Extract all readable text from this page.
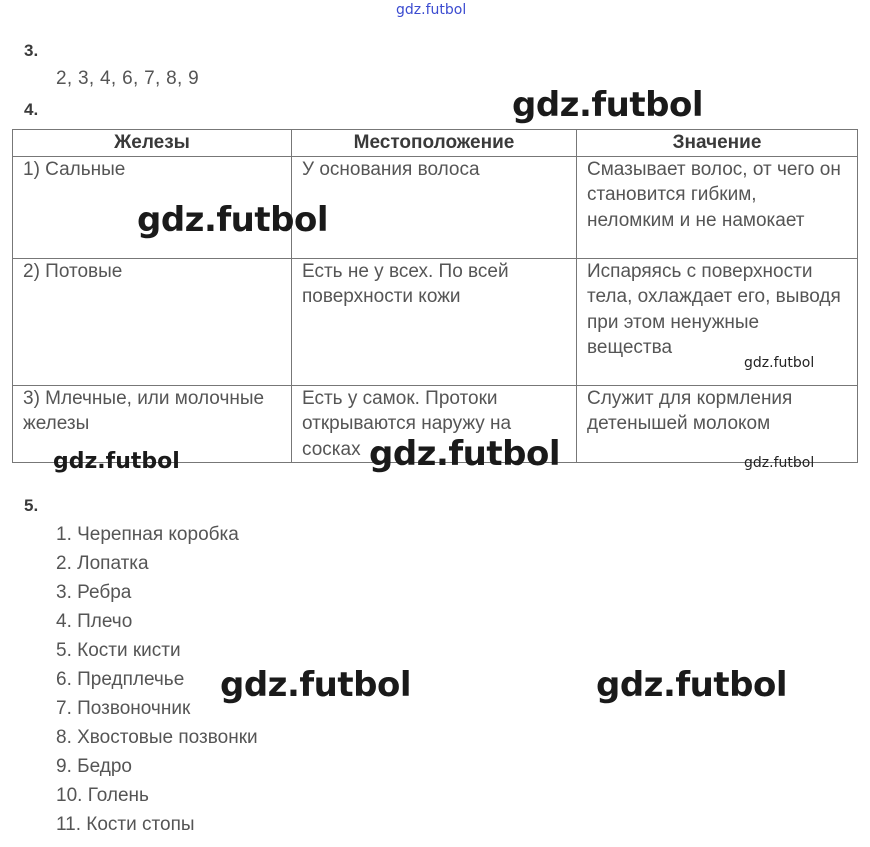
gdz.futbol
3.
2, 3, 4, 6, 7, 8, 9
4.
Железы	Местоположение	Значение
1) Сальные	У основания волоса	Смазывает волос, от чего он становится гибким, неломким и не намокает
2) Потовые	Есть не у всех. По всей поверхности кожи	Испаряясь с поверхности тела, охлаждает его, выводя при этом ненужные вещества
3) Млечные, или молочные железы	Есть у самок. Протоки открываются наружу на сосках	Служит для кормления детенышей молоком
5.
1. Черепная коробка
2. Лопатка
3. Ребра
4. Плечо
5. Кости кисти
6. Предплечье
7. Позвоночник
8. Хвостовые позвонки
9. Бедро
10. Голень
11. Кости стопы
gdz.futbol
gdz.futbol
gdz.futbol
gdz.futbol
gdz.futbol	gdz.futbol
gdz.futbol	gdz.futbol
